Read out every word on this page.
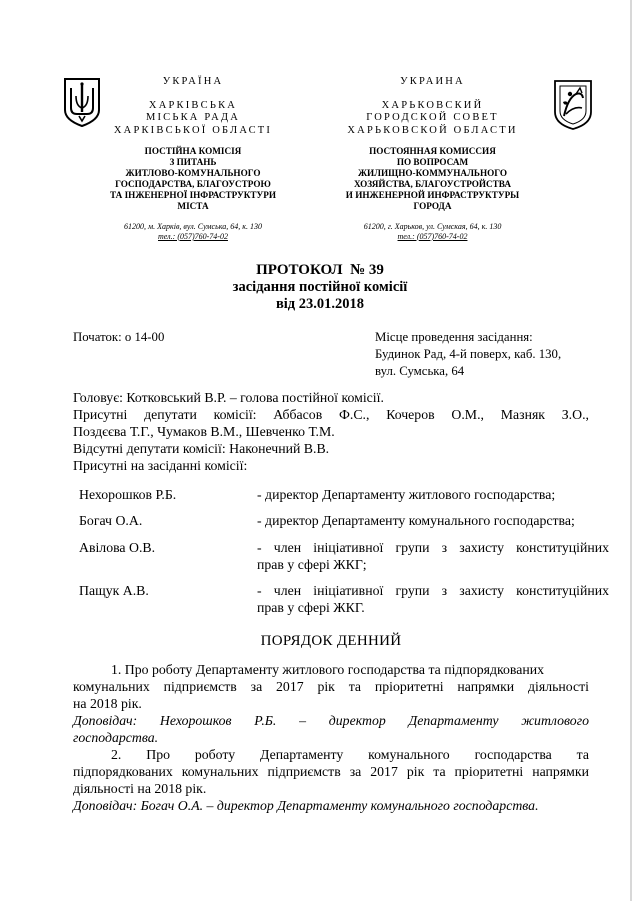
УКРАЇНА
ХАРКІВСЬКА
МІСЬКА РАДА
ХАРКІВСЬКОЇ ОБЛАСТІ
ПОСТІЙНА КОМІСІЯ
З ПИТАНЬ
ЖИТЛОВО-КОМУНАЛЬНОГО
ГОСПОДАРСТВА, БЛАГОУСТРОЮ
ТА ІНЖЕНЕРНОЇ ІНФРАСТРУКТУРИ
МІСТА
61200, м. Харків, вул. Сумська, 64, к. 130
тел.: (057)760-74-02
УКРАИНА
ХАРЬКОВСКИЙ
ГОРОДСКОЙ СОВЕТ
ХАРЬКОВСКОЙ ОБЛАСТИ
ПОСТОЯННАЯ КОМИССИЯ
ПО ВОПРОСАМ
ЖИЛИЩНО-КОММУНАЛЬНОГО
ХОЗЯЙСТВА, БЛАГОУСТРОЙСТВА
И ИНЖЕНЕРНОЙ ИНФРАСТРУКТУРЫ
ГОРОДА
61200, г. Харьков, ул. Сумская, 64, к. 130
тел.: (057)760-74-02
ПРОТОКОЛ  № 39
засідання постійної комісії
від 23.01.2018
Початок: о 14-00	Місце проведення засідання:
Будинок Рад, 4-й поверх, каб. 130,
вул. Сумська, 64
Головує: Котковський В.Р. – голова постійної комісії.
Присутні  депутати  комісії:  Аббасов  Ф.С.,  Кочеров  О.М.,  Мазняк  З.О.,
Поздєєва Т.Г., Чумаков В.М., Шевченко Т.М.
Відсутні депутати комісії: Наконечний В.В.
Присутні на засіданні комісії:
Нехорошков Р.Б.	- директор Департаменту житлового господарства;
Богач О.А.	- директор Департаменту комунального господарства;
Авілова О.В.	-  член  ініціативної  групи  з  захисту  конституційних
прав у сфері ЖКГ;
Пащук А.В.	-  член  ініціативної  групи  з  захисту  конституційних
прав у сфері ЖКГ.
ПОРЯДОК ДЕННИЙ
1. Про роботу Департаменту житлового господарства та підпорядкованих
комунальних  підприємств  за  2017  рік  та  пріоритетні  напрямки  діяльності
на 2018 рік.
Доповідач:   Нехорошков   Р.Б.   –   директор   Департаменту   житлового
господарства.
2.     Про     роботу     Департаменту     комунального     господарства     та
підпорядкованих комунальних підприємств за 2017 рік та пріоритетні напрямки
діяльності на 2018 рік.
Доповідач: Богач О.А. – директор Департаменту комунального господарства.
